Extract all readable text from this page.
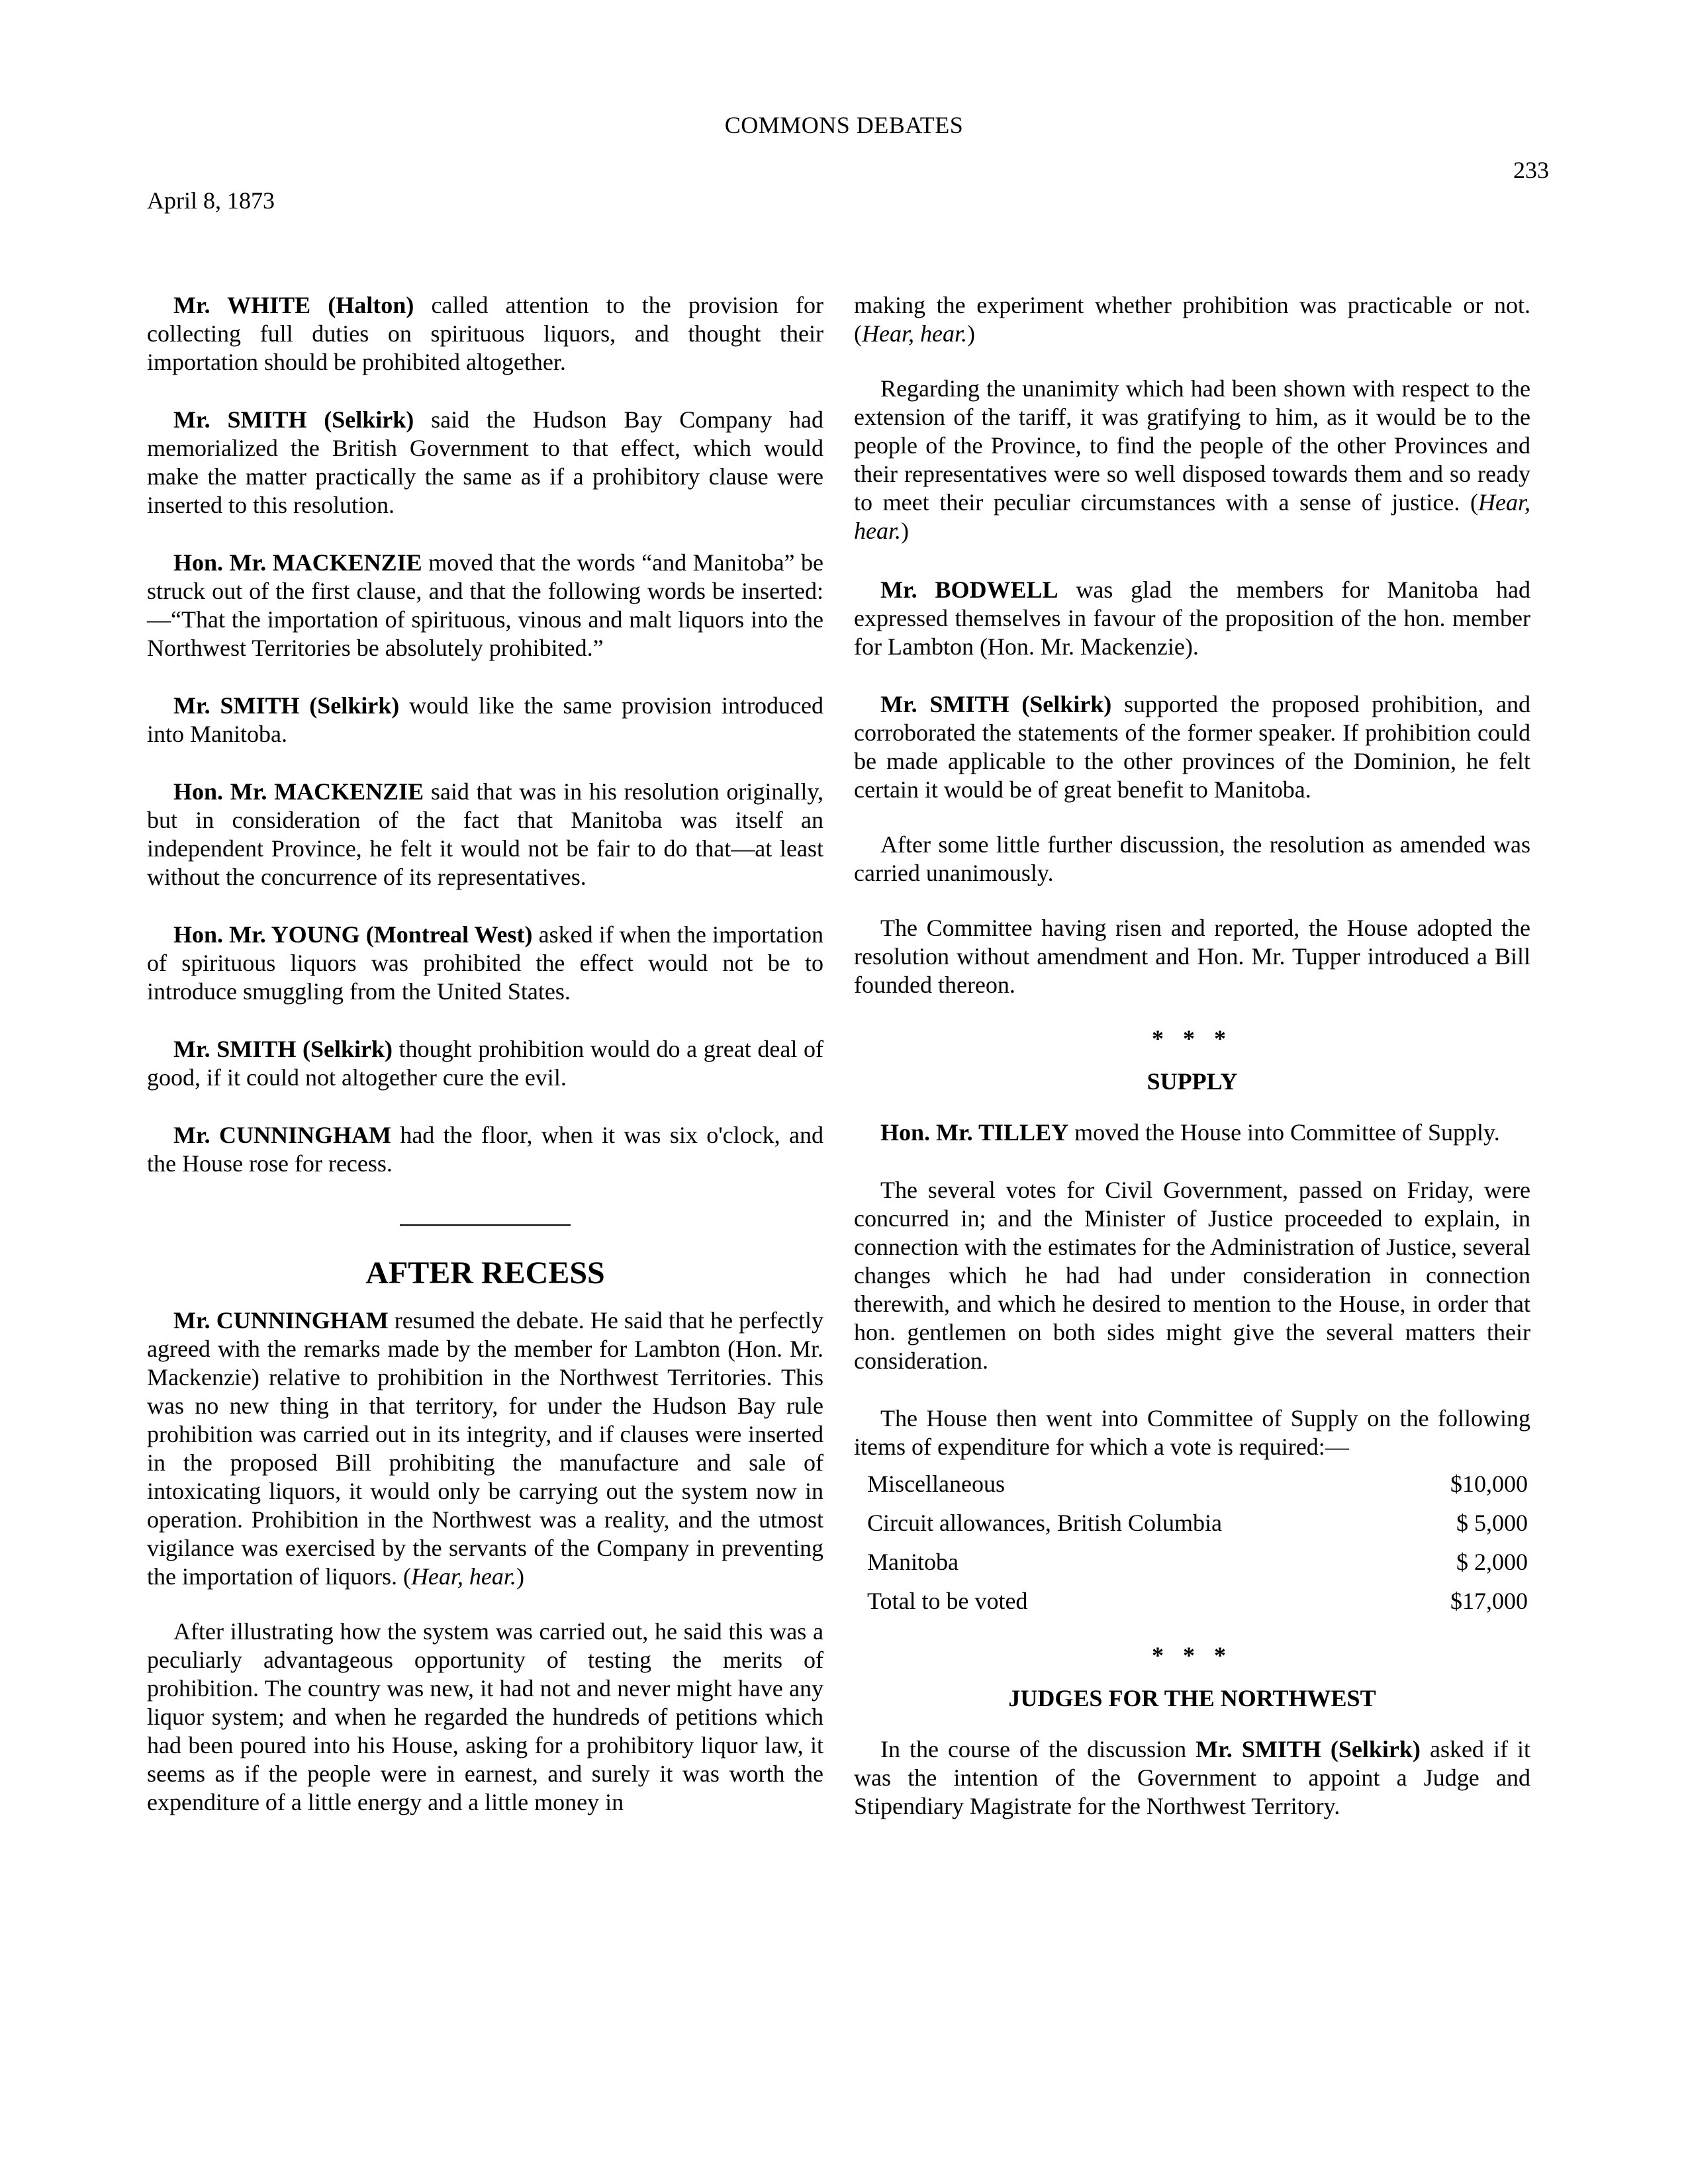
COMMONS DEBATES
233
April 8, 1873

Mr. WHITE (Halton) called attention to the provision for collecting full duties on spirituous liquors, and thought their importation should be prohibited altogether.

Mr. SMITH (Selkirk) said the Hudson Bay Company had memorialized the British Government to that effect, which would make the matter practically the same as if a prohibitory clause were inserted to this resolution.

Hon. Mr. MACKENZIE moved that the words “and Manitoba” be struck out of the first clause, and that the following words be inserted:—“That the importation of spirituous, vinous and malt liquors into the Northwest Territories be absolutely prohibited.”

Mr. SMITH (Selkirk) would like the same provision introduced into Manitoba.

Hon. Mr. MACKENZIE said that was in his resolution originally, but in consideration of the fact that Manitoba was itself an independent Province, he felt it would not be fair to do that—at least without the concurrence of its representatives.

Hon. Mr. YOUNG (Montreal West) asked if when the importation of spirituous liquors was prohibited the effect would not be to introduce smuggling from the United States.

Mr. SMITH (Selkirk) thought prohibition would do a great deal of good, if it could not altogether cure the evil.

Mr. CUNNINGHAM had the floor, when it was six o'clock, and the House rose for recess.

AFTER RECESS

Mr. CUNNINGHAM resumed the debate. He said that he perfectly agreed with the remarks made by the member for Lambton (Hon. Mr. Mackenzie) relative to prohibition in the Northwest Territories. This was no new thing in that territory, for under the Hudson Bay rule prohibition was carried out in its integrity, and if clauses were inserted in the proposed Bill prohibiting the manufacture and sale of intoxicating liquors, it would only be carrying out the system now in operation. Prohibition in the Northwest was a reality, and the utmost vigilance was exercised by the servants of the Company in preventing the importation of liquors. (Hear, hear.)

After illustrating how the system was carried out, he said this was a peculiarly advantageous opportunity of testing the merits of prohibition. The country was new, it had not and never might have any liquor system; and when he regarded the hundreds of petitions which had been poured into his House, asking for a prohibitory liquor law, it seems as if the people were in earnest, and surely it was worth the expenditure of a little energy and a little money in

making the experiment whether prohibition was practicable or not. (Hear, hear.)

Regarding the unanimity which had been shown with respect to the extension of the tariff, it was gratifying to him, as it would be to the people of the Province, to find the people of the other Provinces and their representatives were so well disposed towards them and so ready to meet their peculiar circumstances with a sense of justice. (Hear, hear.)

Mr. BODWELL was glad the members for Manitoba had expressed themselves in favour of the proposition of the hon. member for Lambton (Hon. Mr. Mackenzie).

Mr. SMITH (Selkirk) supported the proposed prohibition, and corroborated the statements of the former speaker. If prohibition could be made applicable to the other provinces of the Dominion, he felt certain it would be of great benefit to Manitoba.

After some little further discussion, the resolution as amended was carried unanimously.

The Committee having risen and reported, the House adopted the resolution without amendment and Hon. Mr. Tupper introduced a Bill founded thereon.

* * *
SUPPLY

Hon. Mr. TILLEY moved the House into Committee of Supply.

The several votes for Civil Government, passed on Friday, were concurred in; and the Minister of Justice proceeded to explain, in connection with the estimates for the Administration of Justice, several changes which he had had under consideration in connection therewith, and which he desired to mention to the House, in order that hon. gentlemen on both sides might give the several matters their consideration.

The House then went into Committee of Supply on the following items of expenditure for which a vote is required:—

Miscellaneous	$10,000
Circuit allowances, British Columbia	$ 5,000
Manitoba	$ 2,000
Total to be voted	$17,000
* * *
JUDGES FOR THE NORTHWEST

In the course of the discussion Mr. SMITH (Selkirk) asked if it was the intention of the Government to appoint a Judge and Stipendiary Magistrate for the Northwest Territory.
